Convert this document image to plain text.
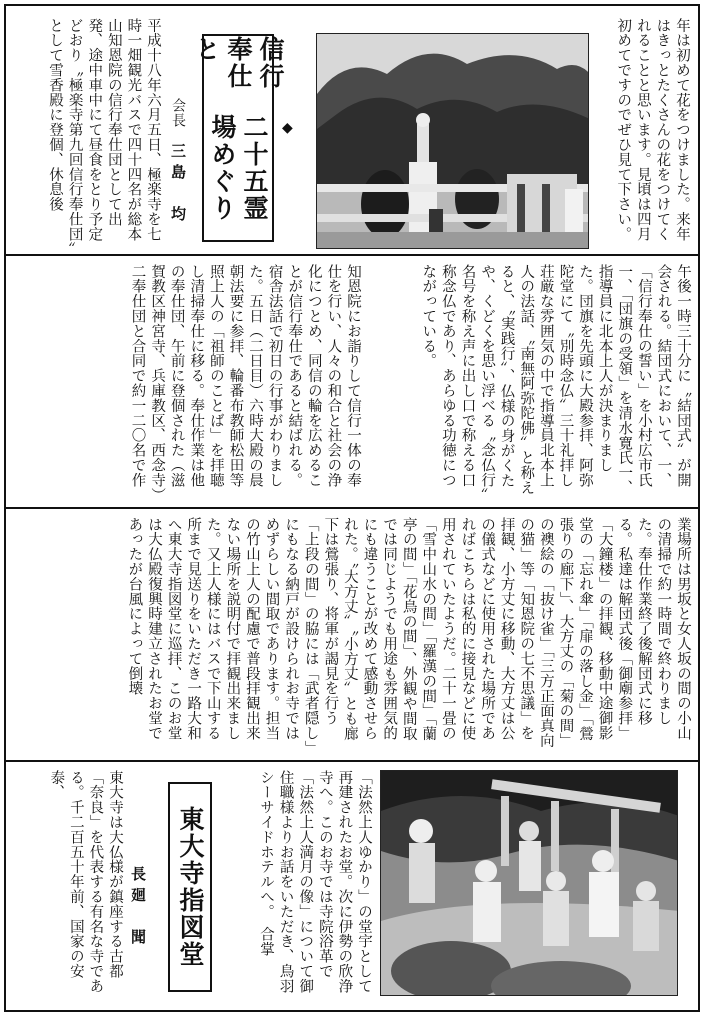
年は初めて花をつけました。来年はきっとたくさんの花をつけてくれることと思います。見頃は四月初めてですのでぜひ見て下さい。
◆
信行奉仕と
二十五霊場めぐり
会長　三島　均
平成十八年六月五日、極楽寺を七時一畑観光バスで四十四名が総本山知恩院の信行奉仕団として出発、途中車中にて昼食をとり予定どおり〝極楽寺第九回信行奉仕団〟として雪香殿に登個、休息後
午後一時三十分に〝結団式〟が開会される。結団式において、一、「信行奉仕の誓い」を小村広市氏一、「団旗の受領」を清水寛氏一、指導員に北本上人が決まりました。団旗を先頭に大殿参拝、阿弥陀堂にて〝別時念仏〟三十礼拝し荘厳な雰囲気の中で指導員北本上人の法話、〝南無阿弥陀佛〟と称えると、〝実践行〟、仏様の身がくたや、くどくを思い浮べる〝念仏行〟名号を称え声に出し口で称える口称念仏であり、あらゆる功徳につながっている。
知恩院にお詣りして信行一体の奉仕を行い、人々の和合と社会の浄化につとめ、同信の輪を広めることが信行奉仕であると結ばれる。宿舎法話で初日の行事がわりました。五日（二日目）六時大殿の晨朝法要に参拝、輪番布教師松田等照上人の「祖師のことば」を拝聴し清掃奉仕に移る。奉仕作業は他の奉仕団、午前に登個された（滋賀教区神宮寺、兵庫教区、西念寺）二奉仕団と合同で約一二〇名で作
業場所は男坂と女人坂の間の小山の清掃で約一時間で終わりました。奉仕作業終了後解団式に移る。私達は解団式後「御廟参拝」「大鐘楼」の拝観、移動中途御影堂の「忘れ傘」「扉の落し金」「鶯張りの廊下」、大方丈の「菊の間」の襖絵の「抜け雀」「三方正面真向の猫」等「知恩院の七不思議」を拝観、小方丈に移動、大方丈は公の儀式などに使用された場所であればこちらは私的に接見などに使用されていたようだ。二十一畳の「雪中山水の間」「羅漢の間」「蘭亭の間」「花鳥の間」、外観や間取では同じようでも用途も雰囲気的にも違うことが改めて感動させられた。〝大方丈〟〝小方丈〟とも廊下は鶯張り、将軍が謁見を行う「上段の間」の脇には「武者隠し」にもなる納戸が設けられお寺ではめずらしい間取であります。担当の竹山上人の配慮で普段拝観出来ない場所を説明付で拝観出来ました。又上人様にはバスで下山する所まで見送りをいただき一路大和へ東大寺指図堂に巡拝、このお堂は大仏殿復興時建立されたお堂であったが台風によって倒壊
「法然上人ゆかり」の堂宇として再建されたお堂。次に伊勢の欣浄寺へ。このお寺では寺院浴革で「法然上人満月の像」について御住職様よりお話をいただき、鳥羽シーサイドホテルへ。　合掌
東大寺指図堂
長廻　聞
東大寺は大仏様が鎮座する古都「奈良」を代表する有名な寺である。千二百五十年前、国家の安泰、
